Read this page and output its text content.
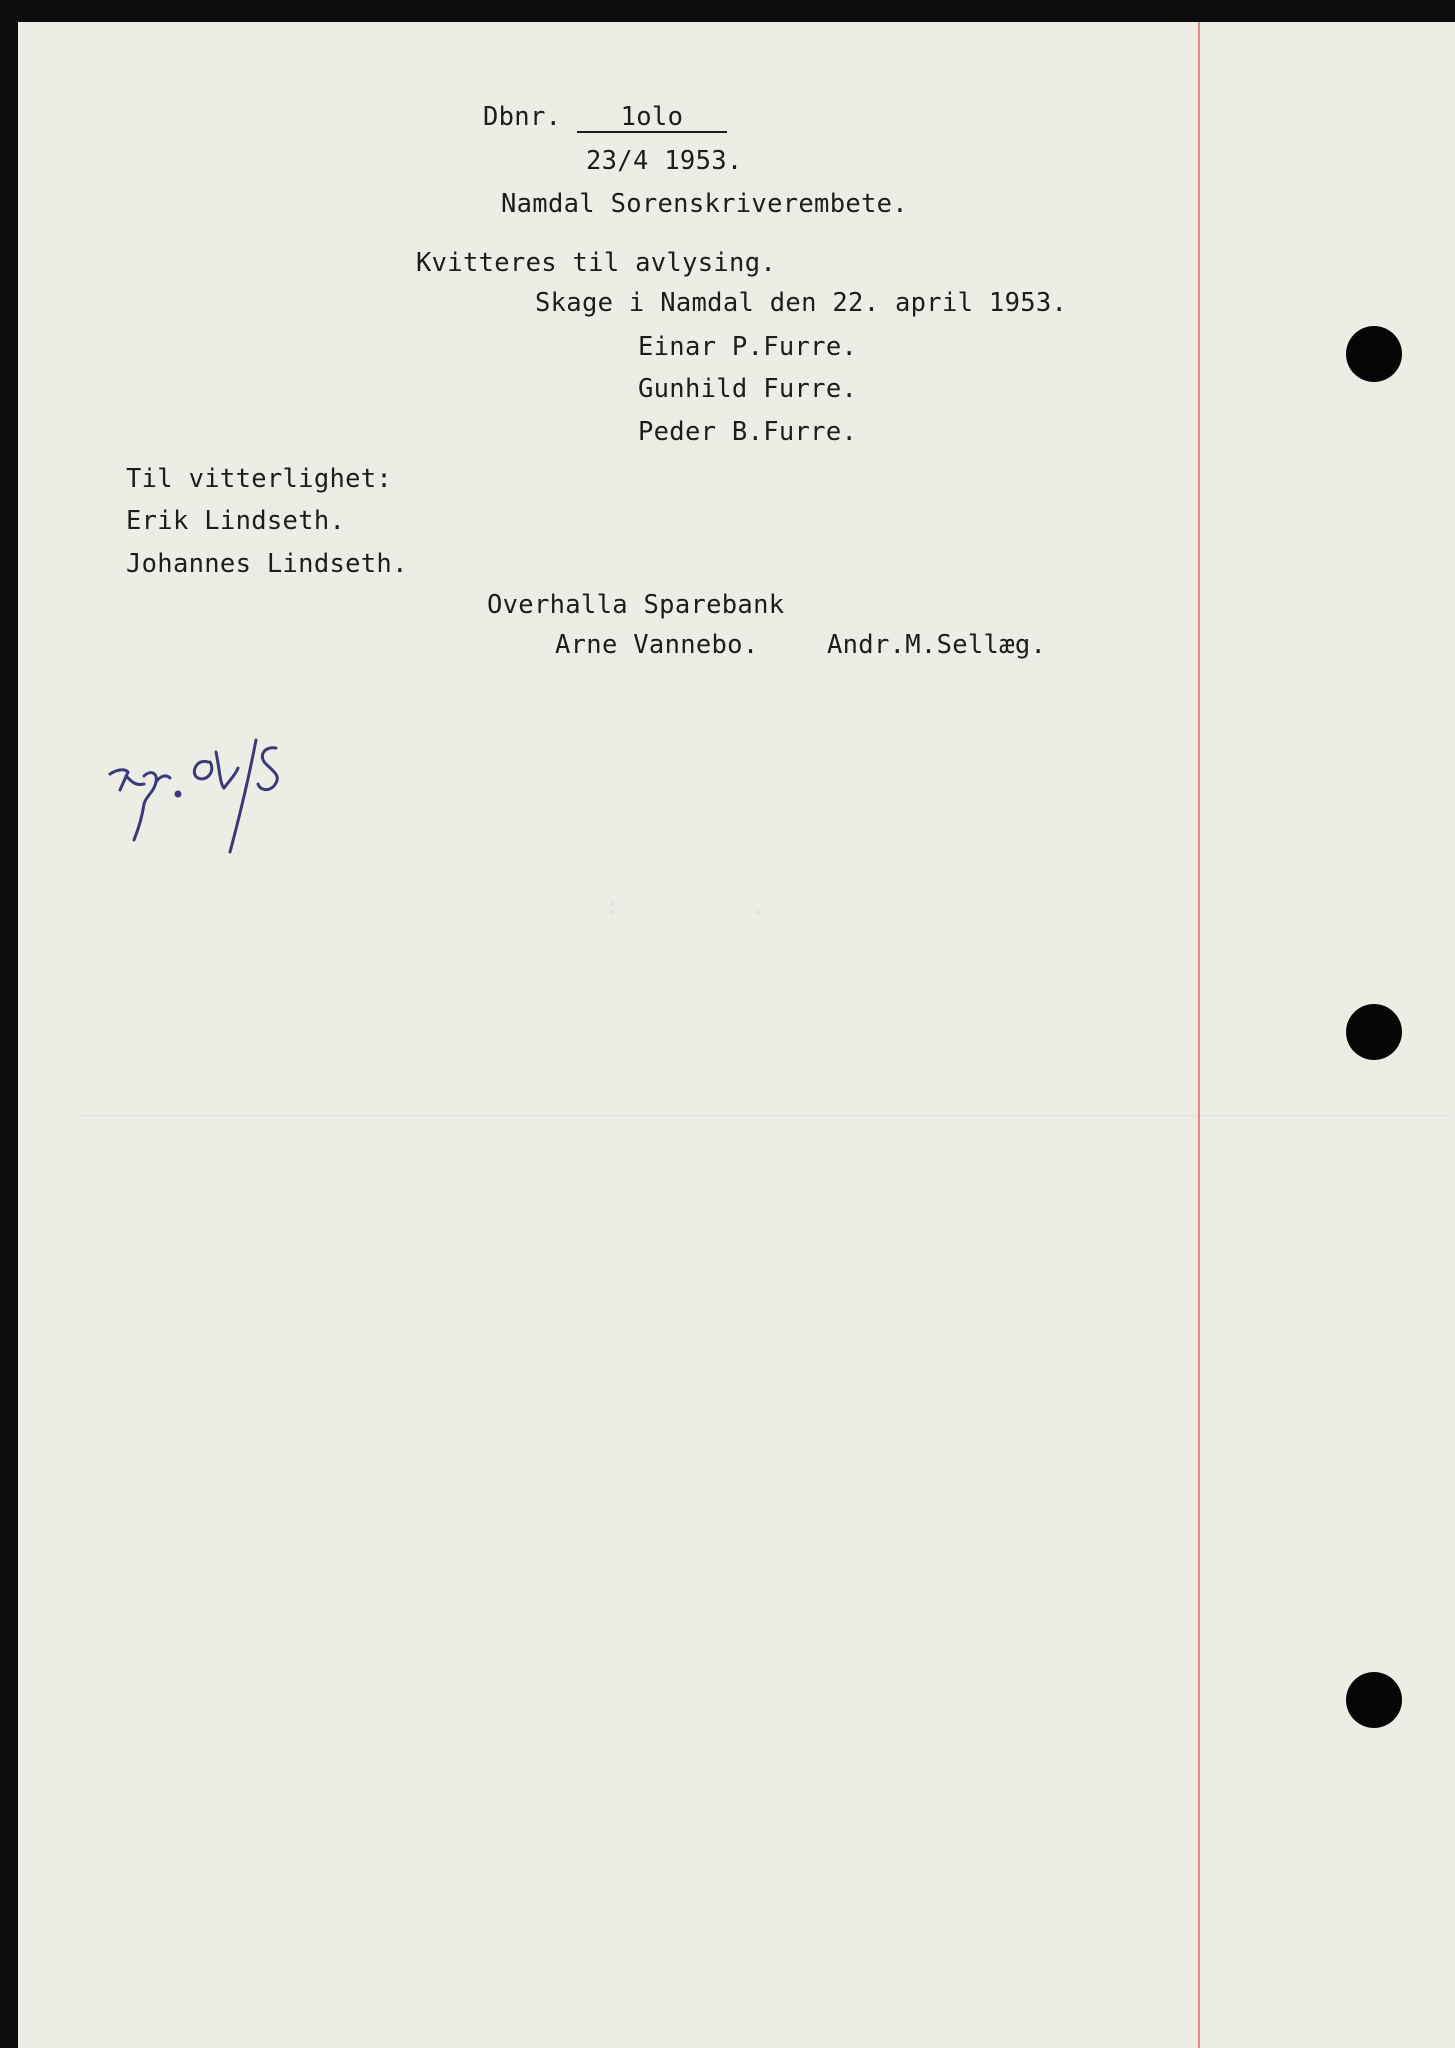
Dbnr. 1olo

23/4 1953.

Namdal Sorenskriverembete.

Kvitteres til avlysing.

Skage i Namdal den 22. april 1953.

Einar P.Furre.

Gunhild Furre.

Peder B.Furre.

Til vitterlighet:

Erik Lindseth.

Johannes Lindseth.

Overhalla Sparebank

Arne Vannebo.	Andr.M.Sellæg.

:         .
